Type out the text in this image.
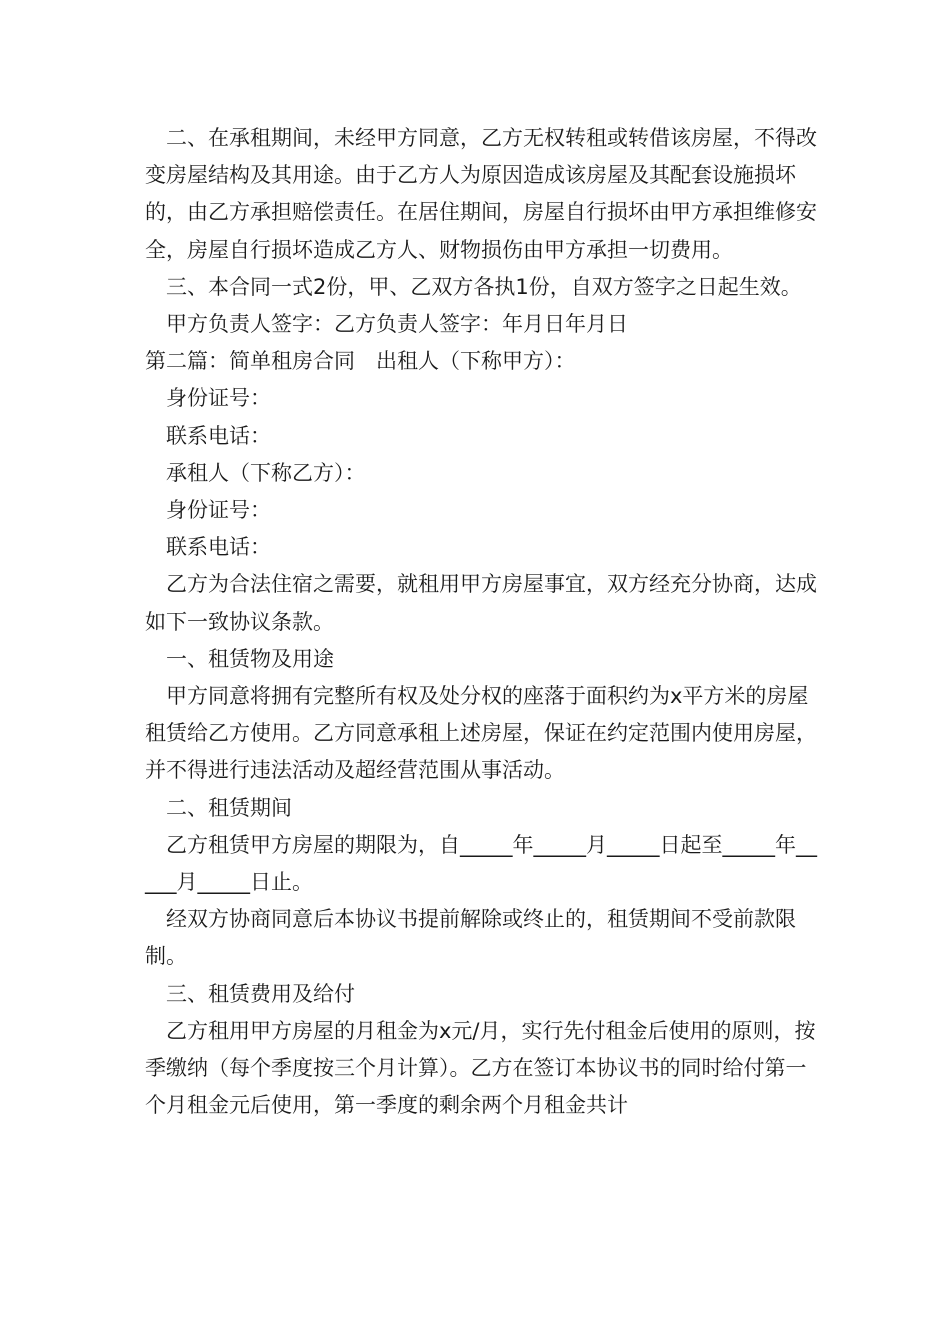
二、在承租期间，未经甲方同意，乙方无权转租或转借该房屋，不得改变房屋结构及其用途。由于乙方人为原因造成该房屋及其配套设施损坏的，由乙方承担赔偿责任。在居住期间，房屋自行损坏由甲方承担维修安全，房屋自行损坏造成乙方人、财物损伤由甲方承担一切费用。

三、本合同一式2份，甲、乙双方各执1份，自双方签字之日起生效。

甲方负责人签字：乙方负责人签字：年月日年月日

第二篇：简单租房合同　出租人（下称甲方）：

身份证号：

联系电话：

承租人（下称乙方）：

身份证号：

联系电话：

乙方为合法住宿之需要，就租用甲方房屋事宜，双方经充分协商，达成如下一致协议条款。

一、租赁物及用途

甲方同意将拥有完整所有权及处分权的座落于面积约为x平方米的房屋租赁给乙方使用。乙方同意承租上述房屋，保证在约定范围内使用房屋，并不得进行违法活动及超经营范围从事活动。

二、租赁期间

乙方租赁甲方房屋的期限为，自_____年_____月_____日起至_____年_____月_____日止。

经双方协商同意后本协议书提前解除或终止的，租赁期间不受前款限制。

三、租赁费用及给付

乙方租用甲方房屋的月租金为x元/月，实行先付租金后使用的原则，按季缴纳（每个季度按三个月计算）。乙方在签订本协议书的同时给付第一个月租金元后使用，第一季度的剩余两个月租金共计
